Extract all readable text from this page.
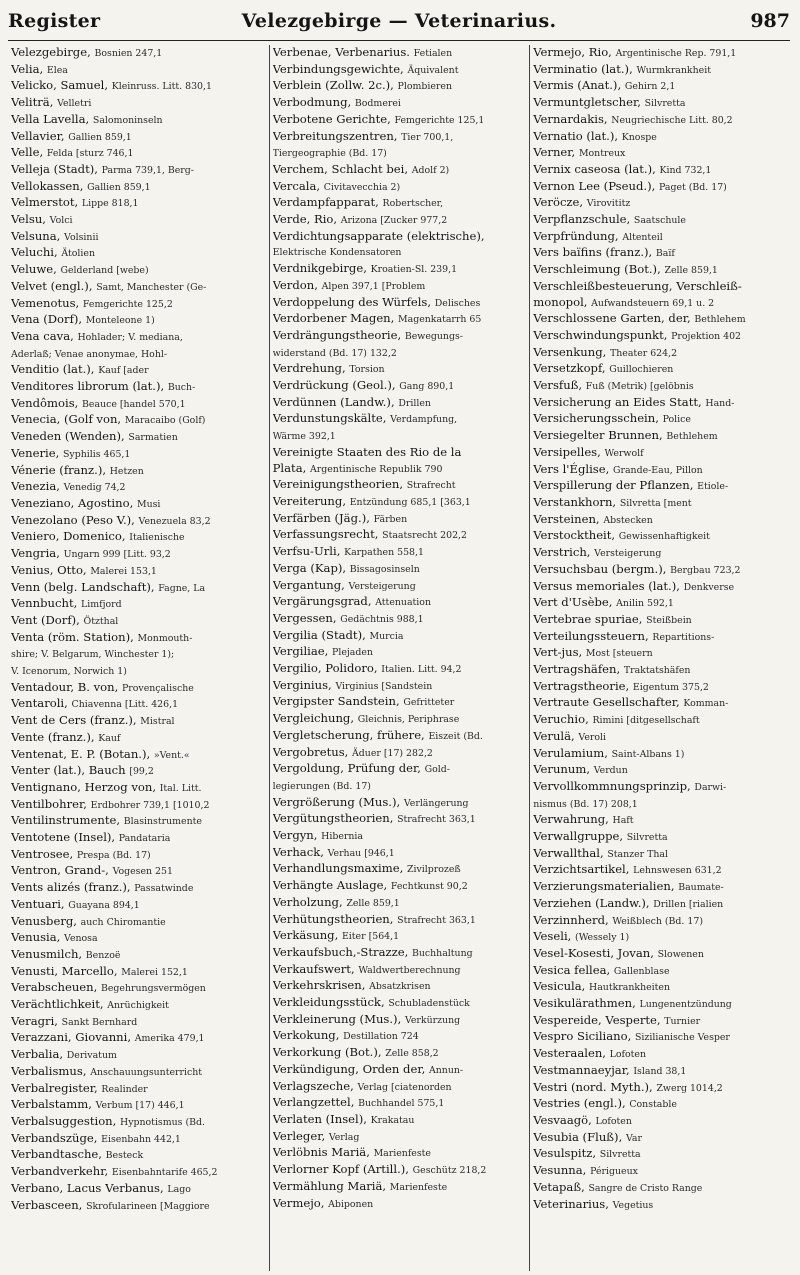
Register	Velezgebirge — Veterinarius.	987
Velezgebirge, Bosnien 247,1
Velia, Elea
Velicko, Samuel, Kleinruss. Litt. 830,1
Veliträ, Velletri
Vella Lavella, Salomoninseln
Vellavier, Gallien 859,1
Velle, Felda [sturz 746,1
Velleja (Stadt), Parma 739,1, Berg-
Vellokassen, Gallien 859,1
Velmerstot, Lippe 818,1
Velsu, Volci
Velsuna, Volsinii
Veluchi, Ätolien
Veluwe, Gelderland [webe)
Velvet (engl.), Samt, Manchester (Ge-
Vemenotus, Femgerichte 125,2
Vena (Dorf), Monteleone 1)
Vena cava, Hohlader; V. mediana,
Aderlaß; Venae anonymae, Hohl-
Venditio (lat.), Kauf [ader
Venditores librorum (lat.), Buch-
Vendômois, Beauce [handel 570,1
Venecia, (Golf von, Maracaibo (Golf)
Veneden (Wenden), Sarmatien
Venerie, Syphilis 465,1
Vénerie (franz.), Hetzen
Venezia, Venedig 74,2
Veneziano, Agostino, Musi
Venezolano (Peso V.), Venezuela 83,2
Veniero, Domenico, Italienische
Vengria, Ungarn 999 [Litt. 93,2
Venius, Otto, Malerei 153,1
Venn (belg. Landschaft), Fagne, La
Vennbucht, Limfjord
Vent (Dorf), Ötzthal
Venta (röm. Station), Monmouth-
shire; V. Belgarum, Winchester 1);
V. Icenorum, Norwich 1)
Ventadour, B. von, Provençalische
Ventaroli, Chiavenna [Litt. 426,1
Vent de Cers (franz.), Mistral
Vente (franz.), Kauf
Ventenat, E. P. (Botan.), »Vent.«
Venter (lat.), Bauch [99,2
Ventignano, Herzog von, Ital. Litt.
Ventilbohrer, Erdbohrer 739,1 [1010,2
Ventilinstrumente, Blasinstrumente
Ventotene (Insel), Pandataria
Ventrosee, Prespa (Bd. 17)
Ventron, Grand-, Vogesen 251
Vents alizés (franz.), Passatwinde
Ventuari, Guayana 894,1
Venusberg, auch Chiromantie
Venusia, Venosa
Venusmilch, Benzoë
Venusti, Marcello, Malerei 152,1
Verabscheuen, Begehrungsvermögen
Verächtlichkeit, Anrüchigkeit
Veragri, Sankt Bernhard
Verazzani, Giovanni, Amerika 479,1
Verbalia, Derivatum
Verbalismus, Anschauungsunterricht
Verbalregister, Realinder
Verbalstamm, Verbum [17) 446,1
Verbalsuggestion, Hypnotismus (Bd.
Verbandszüge, Eisenbahn 442,1
Verbandtasche, Besteck
Verbandverkehr, Eisenbahntarife 465,2
Verbano, Lacus Verbanus, Lago
Verbasceen, Skrofularineen [Maggiore
Verbenae, Verbenarius. Fetialen
Verbindungsgewichte, Äquivalent
Verblein (Zollw. 2c.), Plombieren
Verbodmung, Bodmerei
Verbotene Gerichte, Femgerichte 125,1
Verbreitungszentren, Tier 700,1,
Tiergeographie (Bd. 17)
Verchem, Schlacht bei, Adolf 2)
Vercala, Civitavecchia 2)
Verdampfapparat, Robertscher,
Verde, Rio, Arizona [Zucker 977,2
Verdichtungsapparate (elektrische),
Elektrische Kondensatoren
Verdnikgebirge, Kroatien-Sl. 239,1
Verdon, Alpen 397,1 [Problem
Verdoppelung des Würfels, Delisches
Verdorbener Magen, Magenkatarrh 65
Verdrängungstheorie, Bewegungs-
widerstand (Bd. 17) 132,2
Verdrehung, Torsion
Verdrückung (Geol.), Gang 890,1
Verdünnen (Landw.), Drillen
Verdunstungskälte, Verdampfung,
Wärme 392,1
Vereinigte Staaten des Rio de la
Plata, Argentinische Republik 790
Vereinigungstheorien, Strafrecht
Vereiterung, Entzündung 685,1 [363,1
Verfärben (Jäg.), Färben
Verfassungsrecht, Staatsrecht 202,2
Verfsu-Urli, Karpathen 558,1
Verga (Kap), Bissagosinseln
Vergantung, Versteigerung
Vergärungsgrad, Attenuation
Vergessen, Gedächtnis 988,1
Vergilia (Stadt), Murcia
Vergiliae, Plejaden
Vergilio, Polidoro, Italien. Litt. 94,2
Verginius, Virginius [Sandstein
Vergipster Sandstein, Gefritteter
Vergleichung, Gleichnis, Periphrase
Vergletscherung, frühere, Eiszeit (Bd.
Vergobretus, Äduer [17) 282,2
Vergoldung, Prüfung der, Gold-
legierungen (Bd. 17)
Vergrößerung (Mus.), Verlängerung
Vergütungstheorien, Strafrecht 363,1
Vergyn, Hibernia
Verhack, Verhau [946,1
Verhandlungsmaxime, Zivilprozeß
Verhängte Auslage, Fechtkunst 90,2
Verholzung, Zelle 859,1
Verhütungstheorien, Strafrecht 363,1
Verkäsung, Eiter [564,1
Verkaufsbuch,-Strazze, Buchhaltung
Verkaufswert, Waldwertberechnung
Verkehrskrisen, Absatzkrisen
Verkleidungsstück, Schubladenstück
Verkleinerung (Mus.), Verkürzung
Verkokung, Destillation 724
Verkorkung (Bot.), Zelle 858,2
Verkündigung, Orden der, Annun-
Verlagszeche, Verlag [ciatenorden
Verlangzettel, Buchhandel 575,1
Verlaten (Insel), Krakatau
Verleger, Verlag
Verlöbnis Mariä, Marienfeste
Verlorner Kopf (Artill.), Geschütz 218,2
Vermählung Mariä, Marienfeste
Vermejo, Abiponen
Vermejo, Rio, Argentinische Rep. 791,1
Verminatio (lat.), Wurmkrankheit
Vermis (Anat.), Gehirn 2,1
Vermuntgletscher, Silvretta
Vernardakis, Neugriechische Litt. 80,2
Vernatio (lat.), Knospe
Verner, Montreux
Vernix caseosa (lat.), Kind 732,1
Vernon Lee (Pseud.), Paget (Bd. 17)
Veröcze, Virovititz
Verpflanzschule, Saatschule
Verpfründung, Altenteil
Vers baïfins (franz.), Baïf
Verschleimung (Bot.), Zelle 859,1
Verschleißbesteuerung, Verschleiß-
monopol, Aufwandsteuern 69,1 u. 2
Verschlossene Garten, der, Bethlehem
Verschwindungspunkt, Projektion 402
Versenkung, Theater 624,2
Versetzkopf, Guillochieren
Versfuß, Fuß (Metrik) [gelöbnis
Versicherung an Eides Statt, Hand-
Versicherungsschein, Police
Versiegelter Brunnen, Bethlehem
Versipelles, Werwolf
Vers l'Église, Grande-Eau, Pillon
Verspillerung der Pflanzen, Etiole-
Verstankhorn, Silvretta [ment
Versteinen, Abstecken
Verstocktheit, Gewissenhaftigkeit
Verstrich, Versteigerung
Versuchsbau (bergm.), Bergbau 723,2
Versus memoriales (lat.), Denkverse
Vert d'Usèbe, Anilin 592,1
Vertebrae spuriae, Steißbein
Verteilungssteuern, Repartitions-
Vert-jus, Most [steuern
Vertragshäfen, Traktatshäfen
Vertragstheorie, Eigentum 375,2
Vertraute Gesellschafter, Komman-
Veruchio, Rimini [ditgesellschaft
Verulä, Veroli
Verulamium, Saint-Albans 1)
Verunum, Verdun
Vervollkommnungsprinzip, Darwi-
nismus (Bd. 17) 208,1
Verwahrung, Haft
Verwallgruppe, Silvretta
Verwallthal, Stanzer Thal
Verzichtsartikel, Lehnswesen 631,2
Verzierungsmaterialien, Baumate-
Verziehen (Landw.), Drillen [rialien
Verzinnherd, Weißblech (Bd. 17)
Veseli, (Wessely 1)
Vesel-Kosesti, Jovan, Slowenen
Vesica fellea, Gallenblase
Vesicula, Hautkrankheiten
Vesikulärathmen, Lungenentzündung
Vespereide, Vesperte, Turnier
Vespro Siciliano, Sizilianische Vesper
Vesteraalen, Lofoten
Vestmannaeyjar, Island 38,1
Vestri (nord. Myth.), Zwerg 1014,2
Vestries (engl.), Constable
Vesvaagö, Lofoten
Vesubia (Fluß), Var
Vesulspitz, Silvretta
Vesunna, Périgueux
Vetapaß, Sangre de Cristo Range
Veterinarius, Vegetius
